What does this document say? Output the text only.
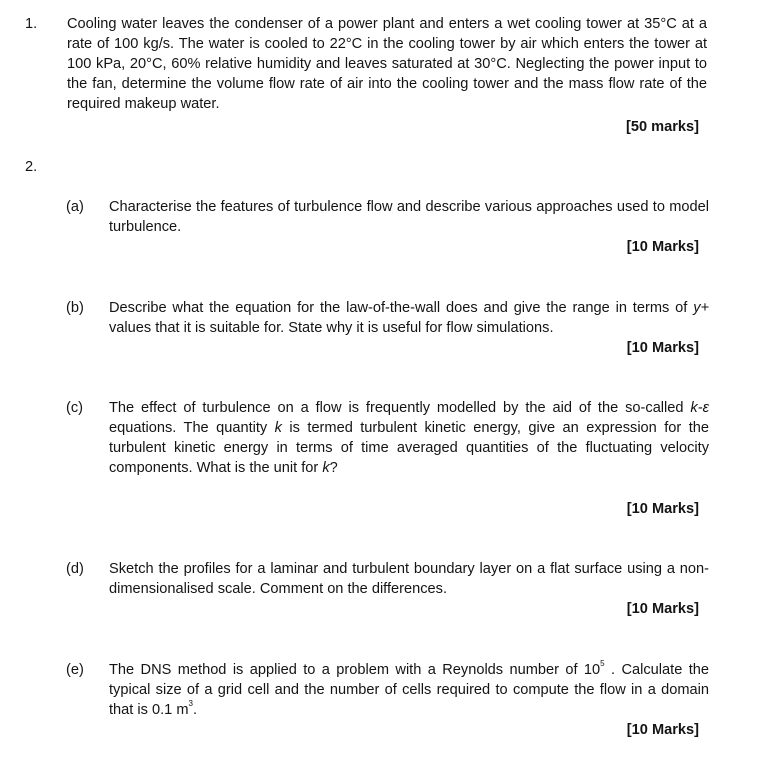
1. Cooling water leaves the condenser of a power plant and enters a wet cooling tower at 35°C at a rate of 100 kg/s. The water is cooled to 22°C in the cooling tower by air which enters the tower at 100 kPa, 20°C, 60% relative humidity and leaves saturated at 30°C. Neglecting the power input to the fan, determine the volume flow rate of air into the cooling tower and the mass flow rate of the required makeup water.

[50 marks]
2.
(a) Characterise the features of turbulence flow and describe various approaches used to model turbulence.

[10 Marks]
(b) Describe what the equation for the law-of-the-wall does and give the range in terms of y+ values that it is suitable for. State why it is useful for flow simulations.

[10 Marks]
(c) The effect of turbulence on a flow is frequently modelled by the aid of the so-called k-ε equations. The quantity k is termed turbulent kinetic energy, give an expression for the turbulent kinetic energy in terms of time averaged quantities of the fluctuating velocity components. What is the unit for k?

[10 Marks]
(d) Sketch the profiles for a laminar and turbulent boundary layer on a flat surface using a non-dimensionalised scale. Comment on the differences.

[10 Marks]
(e) The DNS method is applied to a problem with a Reynolds number of $10^5$ . Calculate the typical size of a grid cell and the number of cells required to compute the flow in a domain that is 0.1 $m^3$.

[10 Marks]
